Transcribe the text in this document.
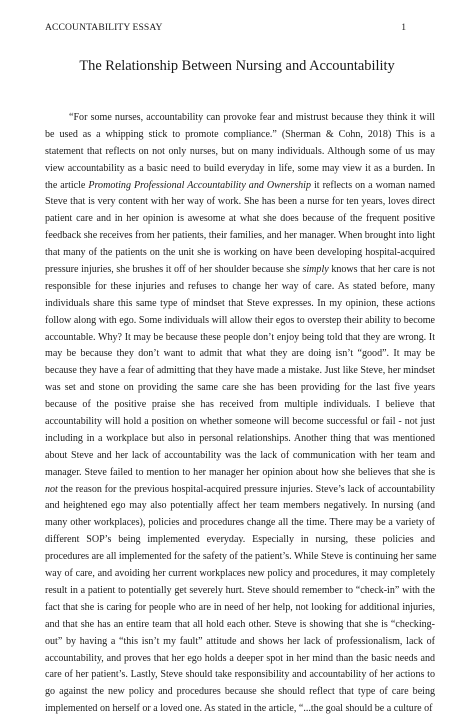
ACCOUNTABILITY ESSAY	1
The Relationship Between Nursing and Accountability
“For some nurses, accountability can provoke fear and mistrust because they think it will
be used as a whipping stick to promote compliance.” (Sherman & Cohn, 2018) This is a
statement that reflects on not only nurses, but on many individuals. Although some of us may
view accountability as a basic need to build everyday in life, some may view it as a burden. In
the article Promoting Professional Accountability and Ownership it reflects on a woman named
Steve that is very content with her way of work. She has been a nurse for ten years, loves direct
patient care and in her opinion is awesome at what she does because of the frequent positive
feedback she receives from her patients, their families, and her manager. When brought into light
that many of the patients on the unit she is working on have been developing hospital-acquired
pressure injuries, she brushes it off of her shoulder because she simply knows that her care is not
responsible for these injuries and refuses to change her way of care. As stated before, many
individuals share this same type of mindset that Steve expresses. In my opinion, these actions
follow along with ego. Some individuals will allow their egos to overstep their ability to become
accountable. Why? It may be because these people don’t enjoy being told that they are wrong. It
may be because they don’t want to admit that what they are doing isn’t “good”. It may be
because they have a fear of admitting that they have made a mistake. Just like Steve, her mindset
was set and stone on providing the same care she has been providing for the last five years
because of the positive praise she has received from multiple individuals. I believe that
accountability will hold a position on whether someone will become successful or fail - not just
including in a workplace but also in personal relationships. Another thing that was mentioned
about Steve and her lack of accountability was the lack of communication with her team and
manager. Steve failed to mention to her manager her opinion about how she believes that she is
not the reason for the previous hospital-acquired pressure injuries. Steve’s lack of accountability
and heightened ego may also potentially affect her team members negatively. In nursing (and
many other workplaces), policies and procedures change all the time. There may be a variety of
different SOP’s being implemented everyday. Especially in nursing, these policies and
procedures are all implemented for the safety of the patient’s. While Steve is continuing her same
way of care, and avoiding her current workplaces new policy and procedures, it may completely
result in a patient to potentially get severely hurt. Steve should remember to “check-in” with the
fact that she is caring for people who are in need of her help, not looking for additional injuries,
and that she has an entire team that all hold each other. Steve is showing that she is “checking-
out” by having a “this isn’t my fault” attitude and shows her lack of professionalism, lack of
accountability, and proves that her ego holds a deeper spot in her mind than the basic needs and
care of her patient’s. Lastly, Steve should take responsibility and accountability of her actions to
go against the new policy and procedures because she should reflect that type of care being
implemented on herself or a loved one. As stated in the article, “...the goal should be a culture of
